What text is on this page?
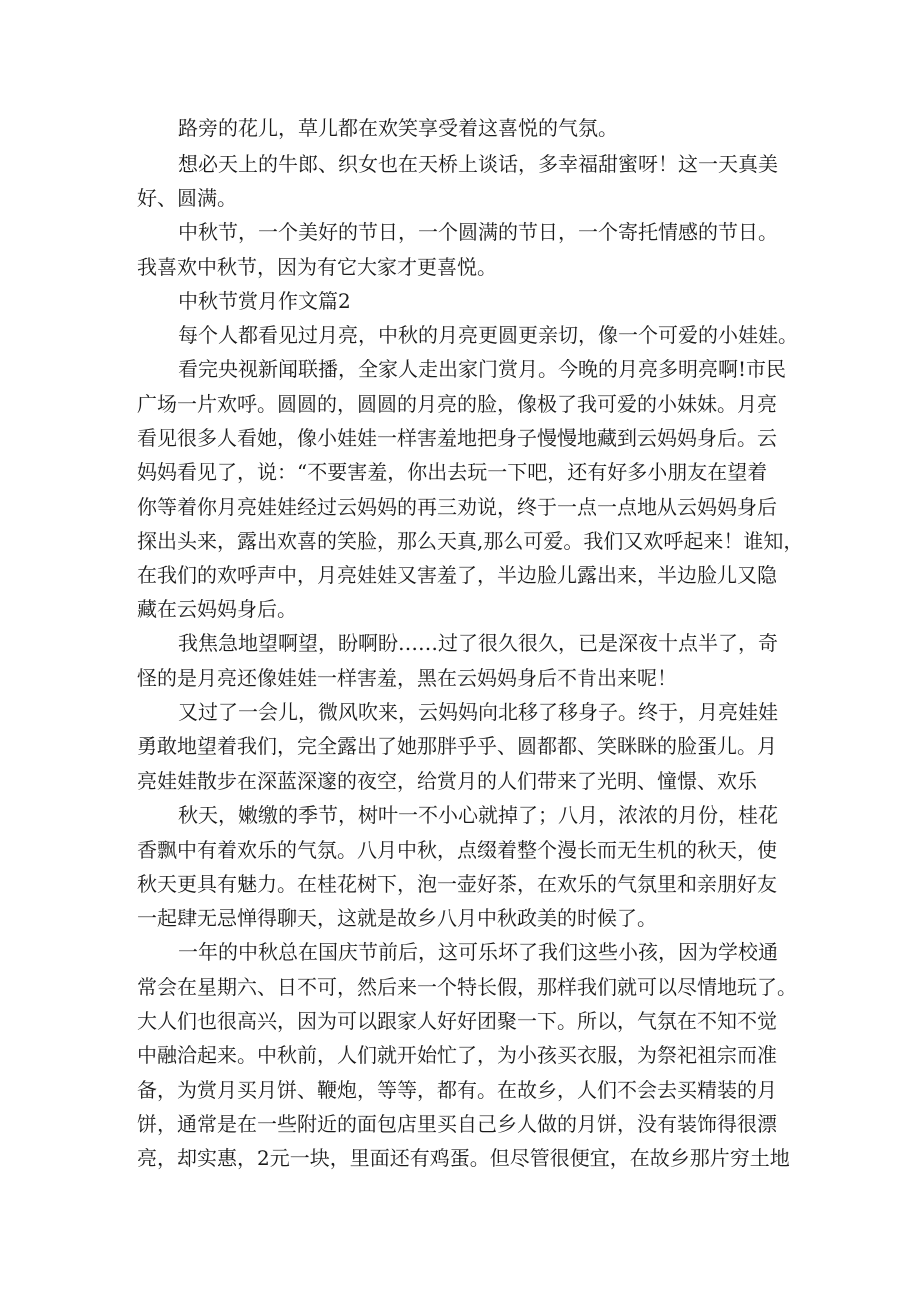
路旁的花儿，草儿都在欢笑享受着这喜悦的气氛。
想必天上的牛郎、织女也在天桥上谈话，多幸福甜蜜呀！这一天真美
好、圆满。
中秋节，一个美好的节日，一个圆满的节日，一个寄托情感的节日。
我喜欢中秋节，因为有它大家才更喜悦。
中秋节赏月作文篇2
每个人都看见过月亮，中秋的月亮更圆更亲切，像一个可爱的小娃娃。
看完央视新闻联播，全家人走出家门赏月。今晚的月亮多明亮啊!市民
广场一片欢呼。圆圆的，圆圆的月亮的脸，像极了我可爱的小妹妹。月亮
看见很多人看她，像小娃娃一样害羞地把身子慢慢地藏到云妈妈身后。云
妈妈看见了，说：“不要害羞，你出去玩一下吧，还有好多小朋友在望着
你等着你月亮娃娃经过云妈妈的再三劝说，终于一点一点地从云妈妈身后
探出头来，露出欢喜的笑脸，那么天真,那么可爱。我们又欢呼起来！谁知，
在我们的欢呼声中，月亮娃娃又害羞了，半边脸儿露出来，半边脸儿又隐
藏在云妈妈身后。
我焦急地望啊望，盼啊盼……过了很久很久，已是深夜十点半了，奇
怪的是月亮还像娃娃一样害羞，黑在云妈妈身后不肯出来呢！
又过了一会儿，微风吹来，云妈妈向北移了移身子。终于，月亮娃娃
勇敢地望着我们，完全露出了她那胖乎乎、圆都都、笑眯眯的脸蛋儿。月
亮娃娃散步在深蓝深邃的夜空，给赏月的人们带来了光明、憧憬、欢乐
秋天，嫩缴的季节，树叶一不小心就掉了；八月，浓浓的月份，桂花
香飘中有着欢乐的气氛。八月中秋，点缀着整个漫长而无生机的秋天，使
秋天更具有魅力。在桂花树下，泡一壶好茶，在欢乐的气氛里和亲朋好友
一起肆无忌惮得聊天，这就是故乡八月中秋政美的时候了。
一年的中秋总在国庆节前后，这可乐坏了我们这些小孩，因为学校通
常会在星期六、日不可，然后来一个特长假，那样我们就可以尽情地玩了。
大人们也很高兴，因为可以跟家人好好团聚一下。所以，气氛在不知不觉
中融洽起来。中秋前，人们就开始忙了，为小孩买衣服，为祭祀祖宗而准
备，为赏月买月饼、鞭炮，等等，都有。在故乡，人们不会去买精装的月
饼，通常是在一些附近的面包店里买自己乡人做的月饼，没有装饰得很漂
亮，却实惠，2元一块，里面还有鸡蛋。但尽管很便宜，在故乡那片穷土地
